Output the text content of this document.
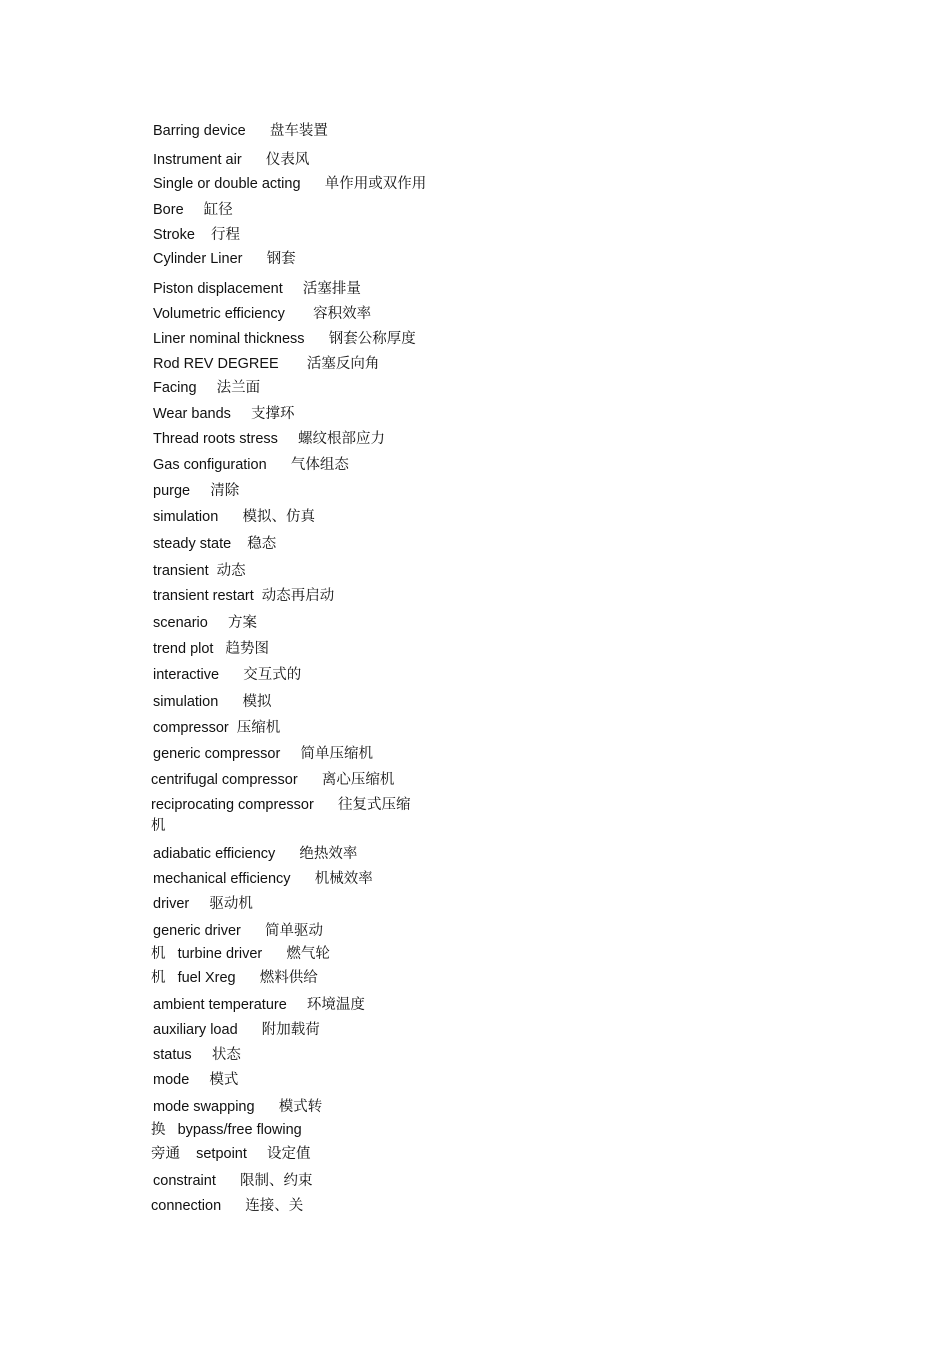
Barring device      盘车装置
Instrument air      仪表风
Single or double acting      单作用或双作用
Bore     缸径
Stroke    行程
Cylinder Liner      钢套
Piston displacement     活塞排量
Volumetric efficiency       容积效率
Liner nominal thickness      钢套公称厚度
Rod REV DEGREE       活塞反向角
Facing     法兰面
Wear bands     支撑环
Thread roots stress     螺纹根部应力
Gas configuration      气体组态
purge     清除
simulation      模拟、仿真
steady state    稳态
transient  动态
transient restart  动态再启动
scenario     方案
trend plot   趋势图
interactive      交互式的
simulation      模拟
compressor  压缩机
generic compressor     简单压缩机
centrifugal compressor      离心压缩机
reciprocating compressor      往复式压缩
机
adiabatic efficiency      绝热效率
mechanical efficiency      机械效率
driver     驱动机
generic driver      简单驱动
机   turbine driver      燃气轮
机   fuel Xreg      燃料供给
ambient temperature     环境温度
auxiliary load      附加载荷
status     状态
mode     模式
mode swapping      模式转
换   bypass/free flowing
旁通    setpoint     设定值
constraint      限制、约束
connection      连接、关
